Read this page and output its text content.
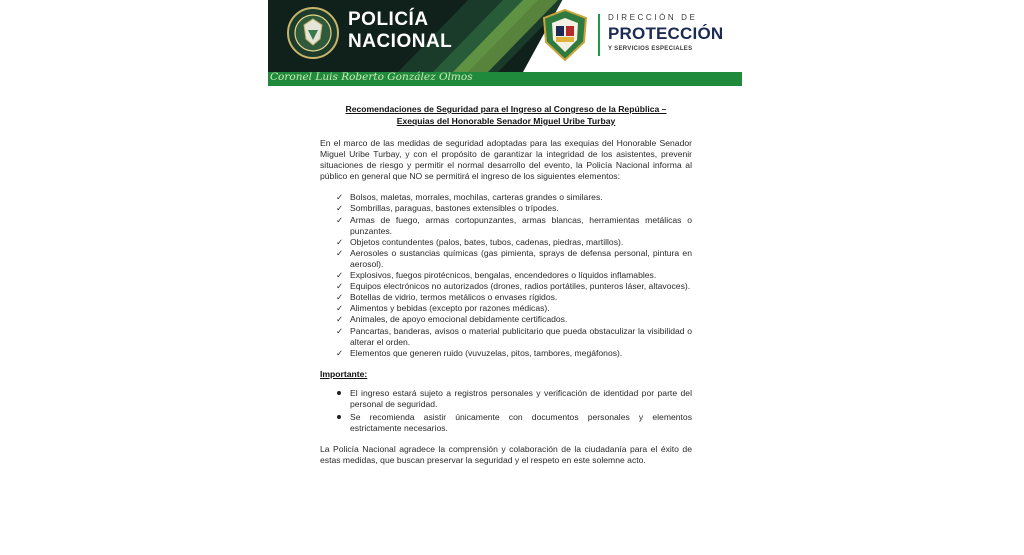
POLICÍA
NACIONAL
Coronel Luis Roberto González Olmos
DIRECCIÓN DE
PROTECCIÓN
Y SERVICIOS ESPECIALES
Recomendaciones de Seguridad para el Ingreso al Congreso de la República –
Exequias del Honorable Senador Miguel Uribe Turbay

En el marco de las medidas de seguridad adoptadas para las exequias del Honorable Senador Miguel Uribe Turbay, y con el propósito de garantizar la integridad de los asistentes, prevenir situaciones de riesgo y permitir el normal desarrollo del evento, la Policía Nacional informa al público en general que NO se permitirá el ingreso de los siguientes elementos:

✓ Bolsos, maletas, morrales, mochilas, carteras grandes o similares.
✓ Sombrillas, paraguas, bastones extensibles o trípodes.
✓ Armas de fuego, armas cortopunzantes, armas blancas, herramientas metálicas o punzantes.
✓ Objetos contundentes (palos, bates, tubos, cadenas, piedras, martillos).
✓ Aerosoles o sustancias químicas (gas pimienta, sprays de defensa personal, pintura en aerosol).
✓ Explosivos, fuegos pirotécnicos, bengalas, encendedores o líquidos inflamables.
✓ Equipos electrónicos no autorizados (drones, radios portátiles, punteros láser, altavoces).
✓ Botellas de vidrio, termos metálicos o envases rígidos.
✓ Alimentos y bebidas (excepto por razones médicas).
✓ Animales, de apoyo emocional debidamente certificados.
✓ Pancartas, banderas, avisos o material publicitario que pueda obstaculizar la visibilidad o alterar el orden.
✓ Elementos que generen ruido (vuvuzelas, pitos, tambores, megáfonos).
Importante:
El ingreso estará sujeto a registros personales y verificación de identidad por parte del personal de seguridad.
Se recomienda asistir únicamente con documentos personales y elementos estrictamente necesarios.

La Policía Nacional agradece la comprensión y colaboración de la ciudadanía para el éxito de estas medidas, que buscan preservar la seguridad y el respeto en este solemne acto.
